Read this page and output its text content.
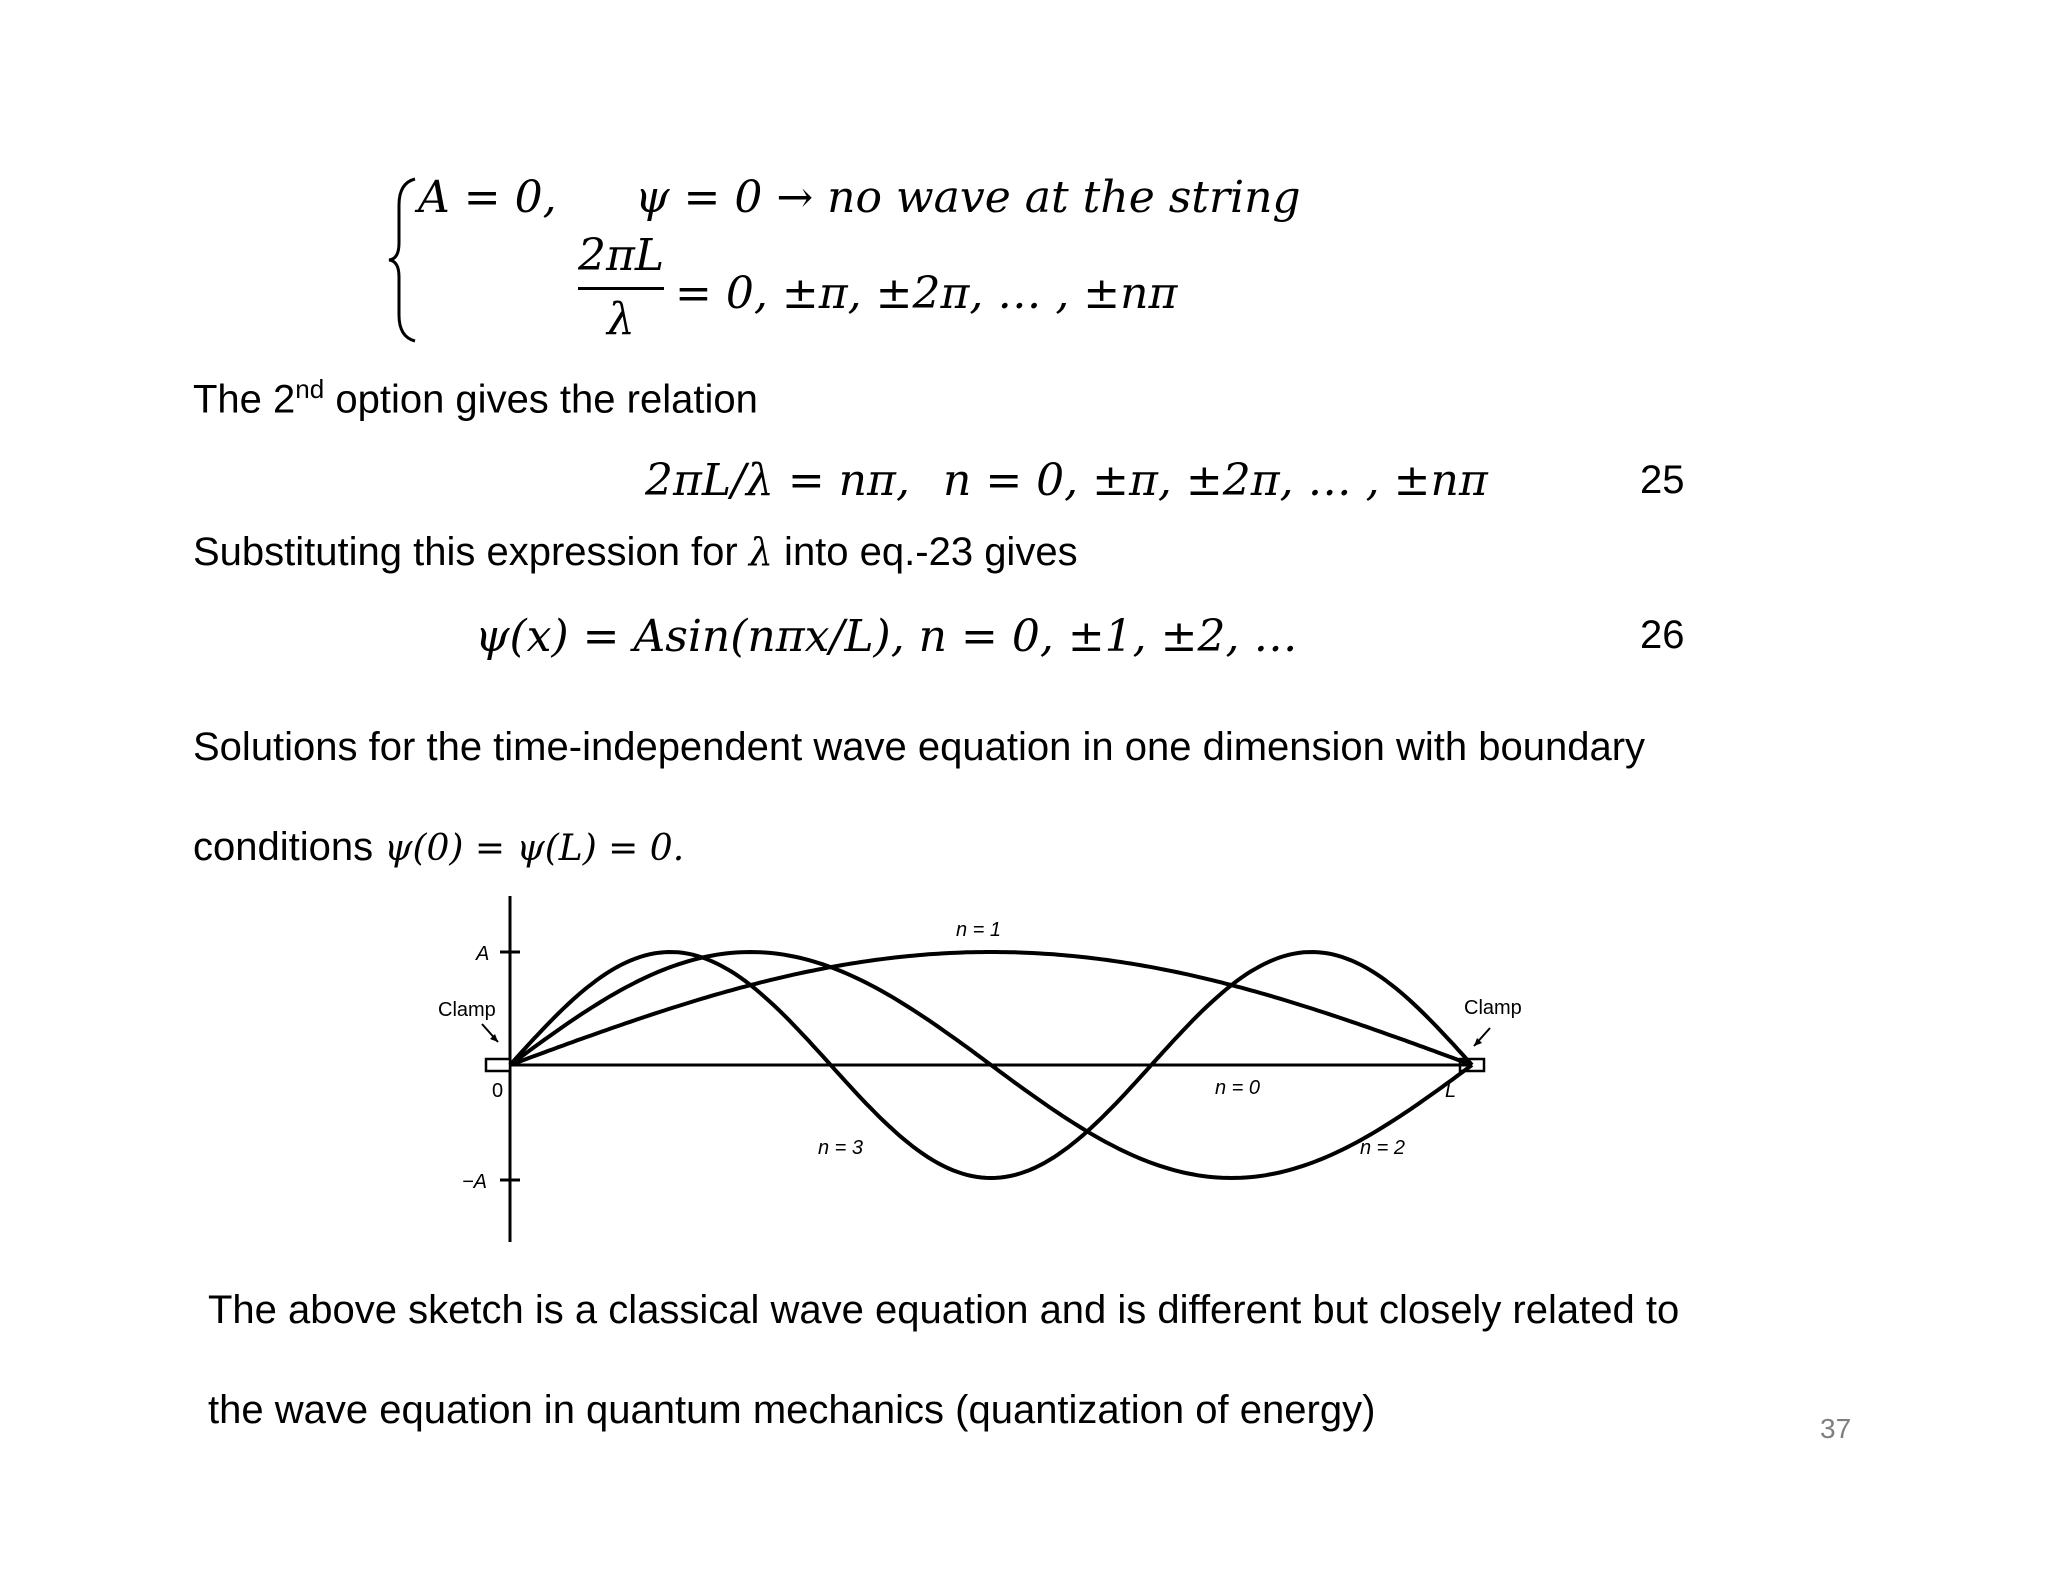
A = 0, ψ = 0 → no wave at the string
2πL
λ
= 0, ±π, ±2π, … , ±nπ
The 2nd option gives the relation
2πL/λ = nπ, n = 0, ±π, ±2π, … , ±nπ	25
Substituting this expression for λ into eq.-23 gives
ψ(x) = Asin(nπx/L), n = 0, ±1, ±2, …	26
Solutions for the time-independent wave equation in one dimension with boundary
conditions ψ(0) = ψ(L) = 0.
A
−A
0	L
Clamp	Clamp
n = 1
n = 0
n = 2
n = 3
The above sketch is a classical wave equation and is different but closely related to
the wave equation in quantum mechanics (quantization of energy)	37
